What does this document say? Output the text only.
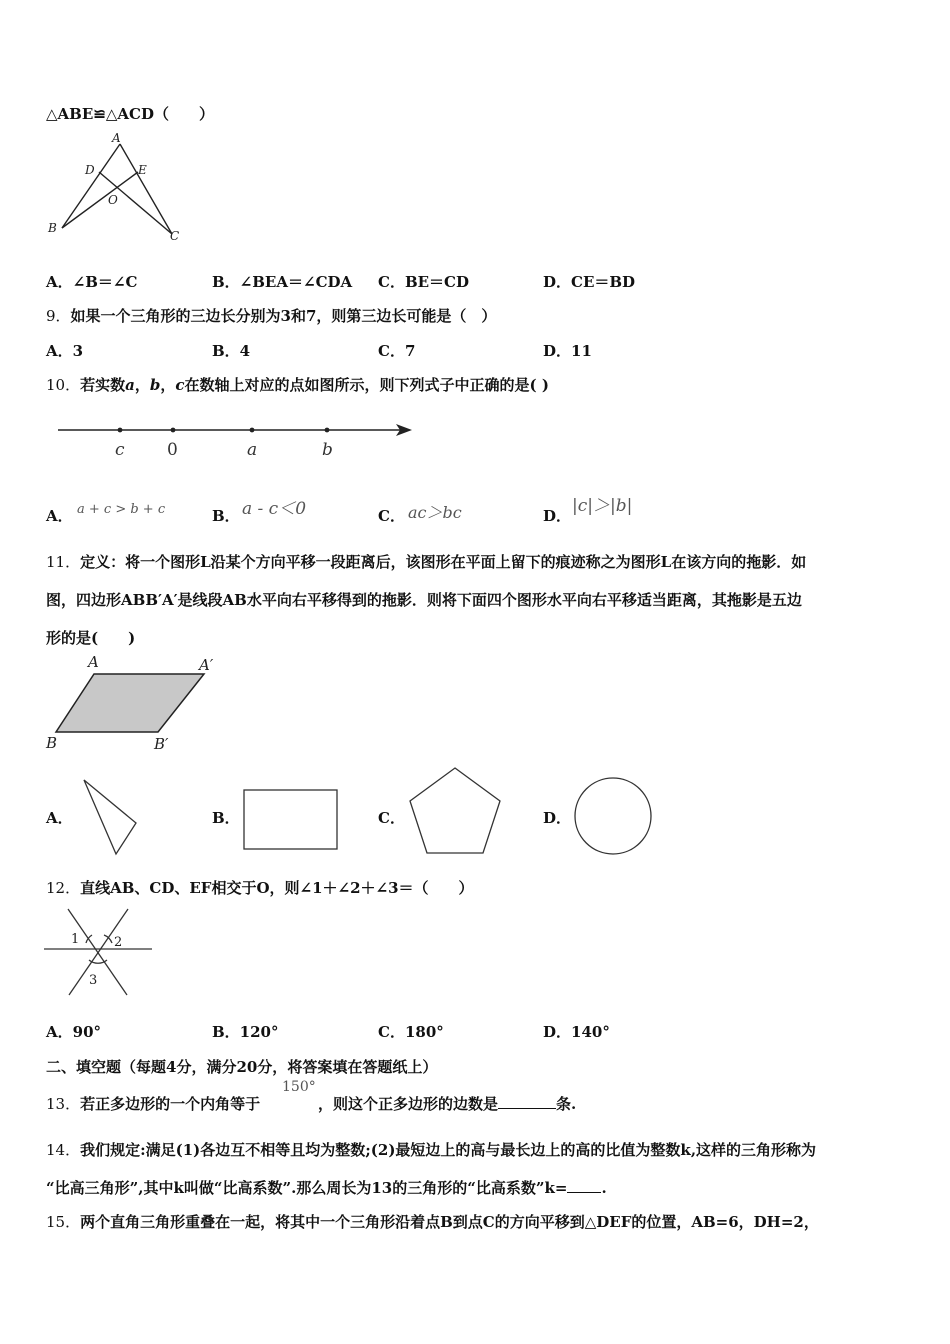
△ABE≌△ACD（　　）
A
D	E
O
B
C
A．∠B＝∠C	B．∠BEA＝∠CDA C．BE＝CD	D．CE＝BD
9．如果一个三角形的三边长分别为3和7，则第三边长可能是（　）
A．3	B．4	C．7	D．11
10．若实数a，b，c在数轴上对应的点如图所示，则下列式子中正确的是( )
c 0	a	b
A． a + c > b + c	B． a - c＜0	C． ac＞bc	D． |c|＞|b|
11．定义：将一个图形L沿某个方向平移一段距离后，该图形在平面上留下的痕迹称之为图形L在该方向的拖影．如
图，四边形ABB′A′是线段AB水平向右平移得到的拖影．则将下面四个图形水平向右平移适当距离，其拖影是五边
形的是(　　)
A	A′
B	B′
A．	B．	C．	D．
12．直线AB、CD、EF相交于O，则∠1＋∠2＋∠3＝（　　）
1	2
3
A．90°	B．120°	C．180°	D．140°
二、填空题（每题4分，满分20分，将答案填在答题纸上）
13．若正多边形的一个内角等于
150°
，则这个正多边形的边数是	条.
14．我们规定:满足(1)各边互不相等且均为整数;(2)最短边上的高与最长边上的高的比值为整数k,这样的三角形称为
“比高三角形”,其中k叫做“比高系数”.那么周长为13的三角形的“比高系数”k= .
15．两个直角三角形重叠在一起，将其中一个三角形沿着点B到点C的方向平移到△DEF的位置，AB=6，DH=2，
